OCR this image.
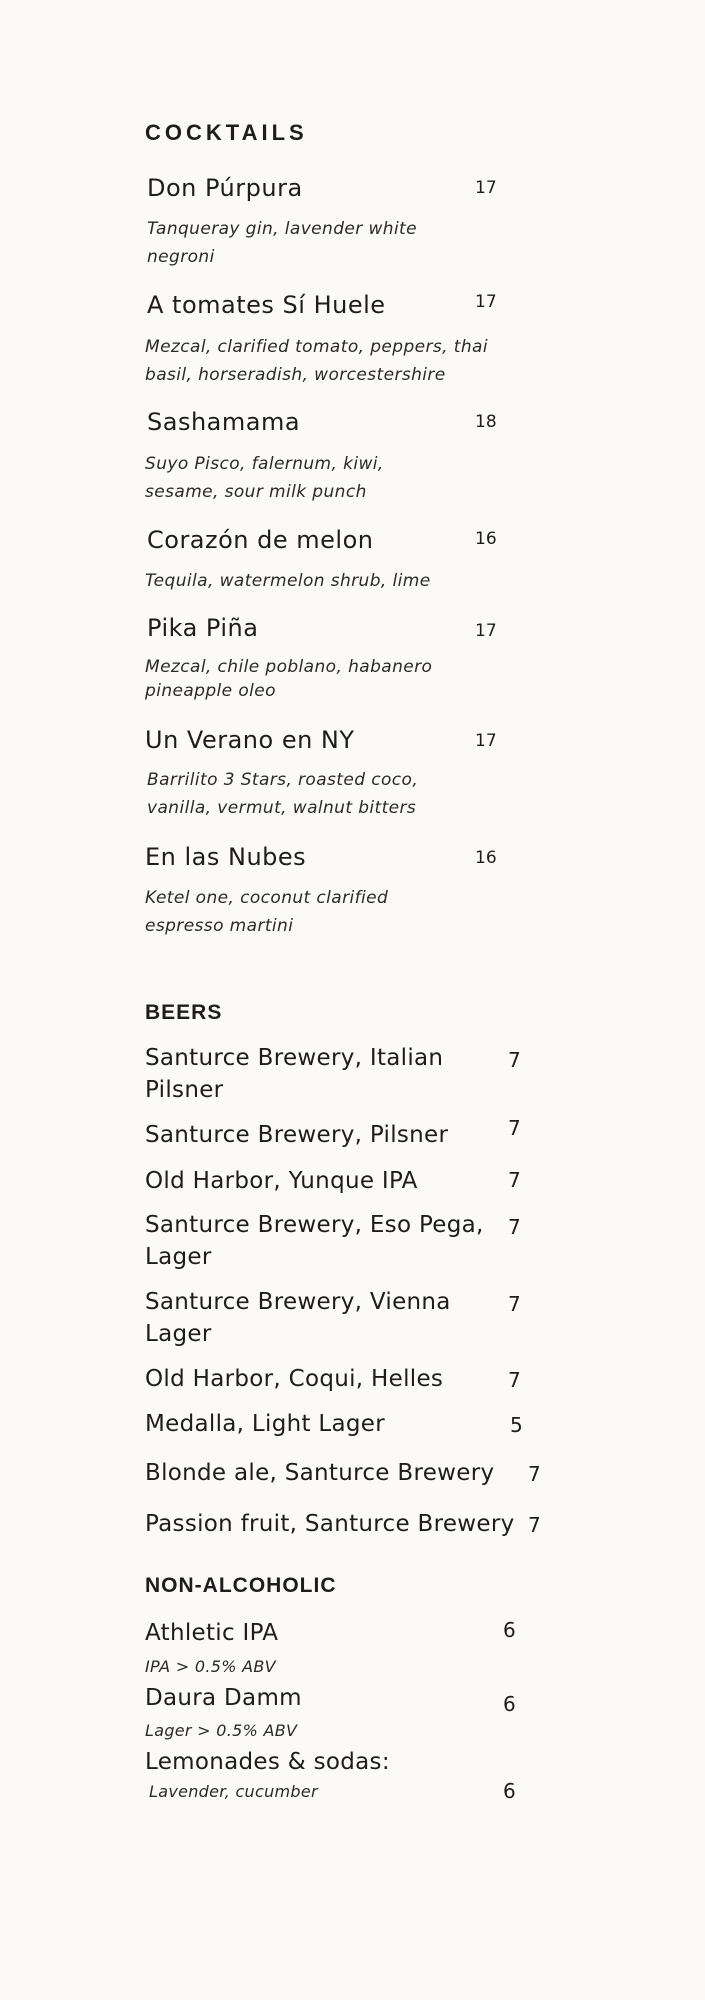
COCKTAILS
Don Púrpura	17
Tanqueray gin, lavender white negroni
A tomates Sí Huele	17
Mezcal, clarified tomato, peppers, thai basil, horseradish, worcestershire
Sashamama	18
Suyo Pisco, falernum, kiwi, sesame, sour milk punch
Corazón de melon	16
Tequila, watermelon shrub, lime
Pika Piña	17
Mezcal, chile poblano, habanero pineapple oleo
Un Verano en NY	17
Barrilito 3 Stars, roasted coco, vanilla, vermut, walnut bitters
En las Nubes	16
Ketel one, coconut clarified espresso martini
BEERS
Santurce Brewery, Italian Pilsner
7
Santurce Brewery, Pilsner	7
Old Harbor, Yunque IPA	7
Santurce Brewery, Eso Pega, Lager
7
Santurce Brewery, Vienna Lager
7
Old Harbor, Coqui, Helles	7
Medalla, Light Lager	5
Blonde ale, Santurce Brewery 7
Passion fruit, Santurce Brewery 7
NON-ALCOHOLIC
Athletic IPA	6
IPA > 0.5% ABV
Daura Damm	6
Lager > 0.5% ABV
Lemonades & sodas:
6
Lavender, cucumber
